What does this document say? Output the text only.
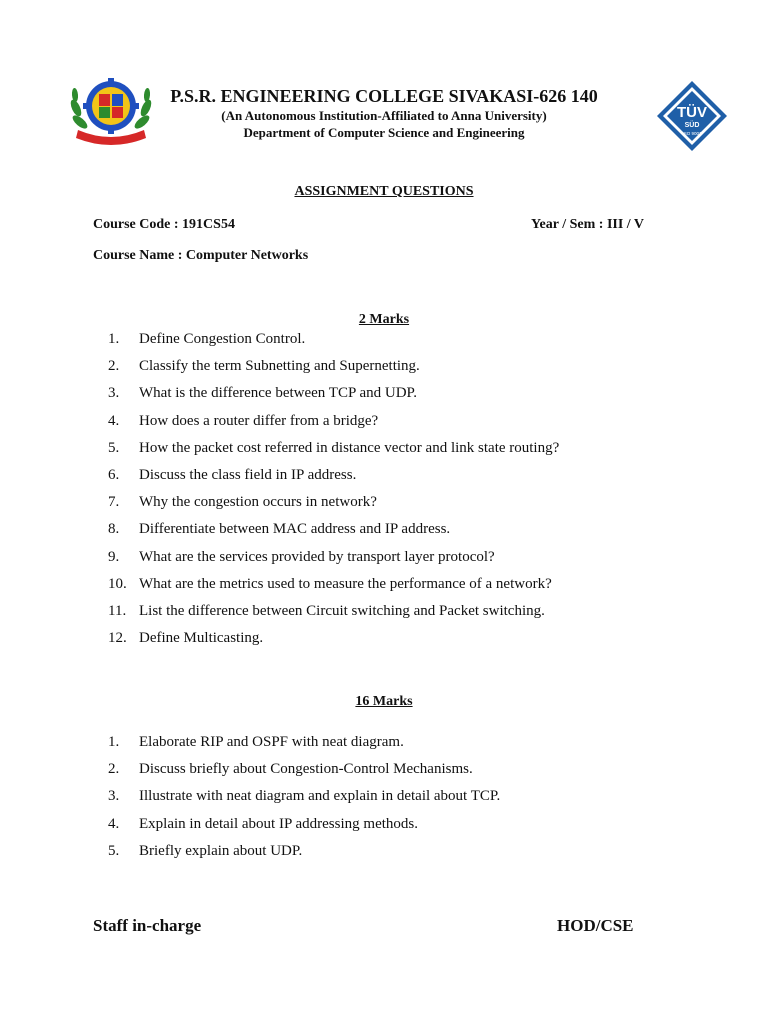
TÜV
SÜD
ISO 9001
P.S.R. ENGINEERING COLLEGE SIVAKASI-626 140
(An Autonomous Institution-Affiliated to Anna University)
Department of Computer Science and Engineering
ASSIGNMENT QUESTIONS
Course Code : 191CS54	Year / Sem : III / V
Course Name : Computer Networks
2 Marks
1. Define Congestion Control.
2. Classify the term Subnetting and Supernetting.
3. What is the difference between TCP and UDP.
4. How does a router differ from a bridge?
5. How the packet cost referred in distance vector and link state routing?
6. Discuss the class field in IP address.
7. Why the congestion occurs in network?
8. Differentiate between MAC address and IP address.
9. What are the services provided by transport layer protocol?
10. What are the metrics used to measure the performance of a network?
11. List the difference between Circuit switching and Packet switching.
12. Define Multicasting.
16 Marks
1. Elaborate RIP and OSPF with neat diagram.
2. Discuss briefly about Congestion-Control Mechanisms.
3. Illustrate with neat diagram and explain in detail about TCP.
4. Explain in detail about IP addressing methods.
5. Briefly explain about UDP.
Staff in-charge	HOD/CSE
